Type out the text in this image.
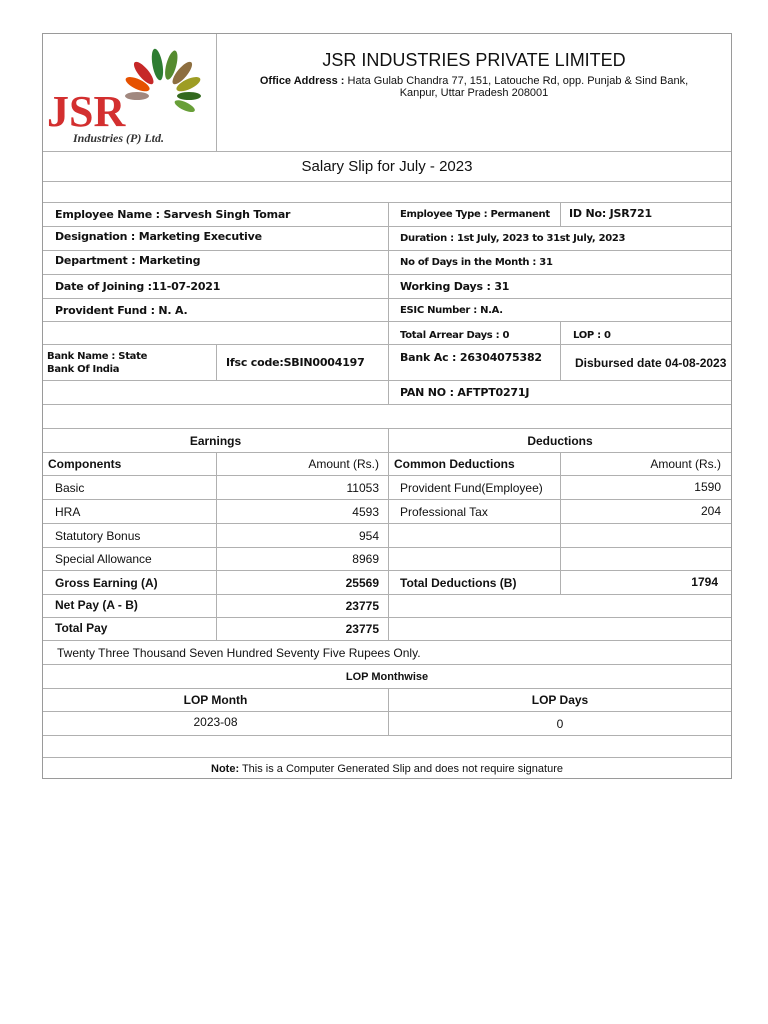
JSR
Industries (P) Ltd.
JSR INDUSTRIES PRIVATE LIMITED
Office Address : Hata Gulab Chandra 77, 151, Latouche Rd, opp. Punjab & Sind Bank,
Kanpur, Uttar Pradesh 208001
Salary Slip for July - 2023
Employee Name : Sarvesh Singh Tomar	Employee Type : Permanent	ID No: JSR721
Designation : Marketing Executive	Duration : 1st July, 2023 to 31st July, 2023
Department : Marketing	No of Days in the Month : 31
Date of Joining :11-07-2021	Working Days : 31
Provident Fund : N. A.	ESIC Number : N.A.
Total Arrear Days : 0	LOP : 0
Bank Name : State
Bank Of India	Ifsc code:SBIN0004197	Bank Ac : 26304075382	Disbursed date 04-08-2023
PAN NO : AFTPT0271J
Earnings	Deductions
Components	Amount (Rs.)	Common Deductions	Amount (Rs.)
Basic	11053	Provident Fund(Employee)	1590
HRA	4593	Professional Tax	204
Statutory Bonus	954
Special Allowance	8969
Gross Earning (A)	25569	Total Deductions (B)	1794
Net Pay (A - B)	23775
Total Pay	23775
Twenty Three Thousand Seven Hundred Seventy Five Rupees Only.
LOP Monthwise
LOP Month	LOP Days
2023-08	0
Note: This is a Computer Generated Slip and does not require signature
